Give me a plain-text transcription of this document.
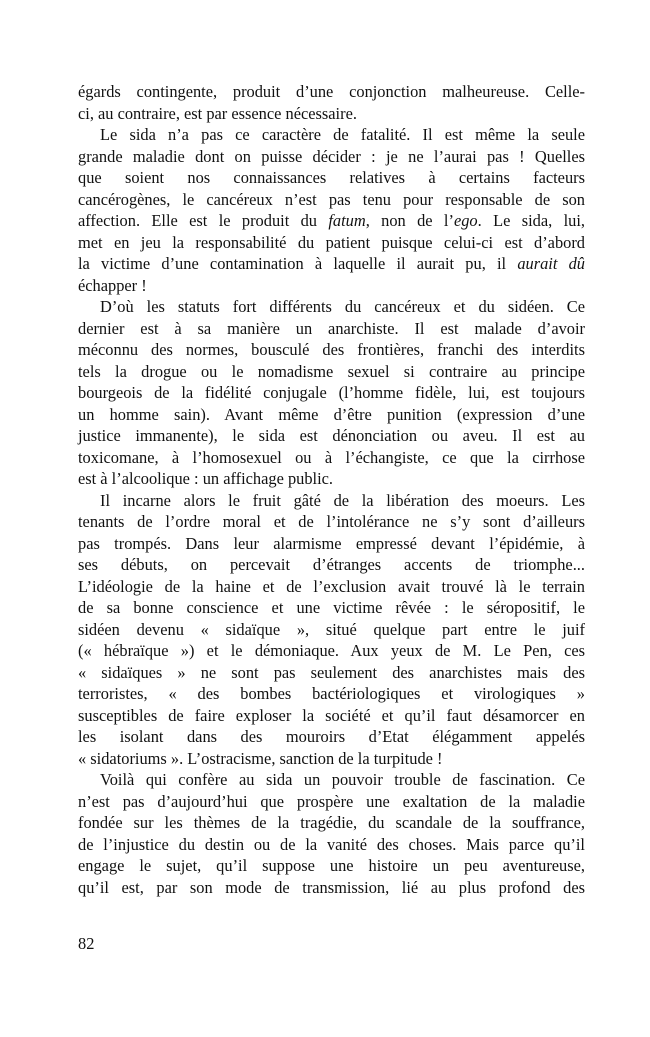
égards contingente, produit d’une conjonction malheureuse. Celle-
ci, au contraire, est par essence nécessaire.
Le sida n’a pas ce caractère de fatalité. Il est même la seule
grande maladie dont on puisse décider : je ne l’aurai pas ! Quelles
que soient nos connaissances relatives à certains facteurs
cancérogènes, le cancéreux n’est pas tenu pour responsable de son
affection. Elle est le produit du fatum, non de l’ego. Le sida, lui,
met en jeu la responsabilité du patient puisque celui-ci est d’abord
la victime d’une contamination à laquelle il aurait pu, il aurait dû
échapper !
D’où les statuts fort différents du cancéreux et du sidéen. Ce
dernier est à sa manière un anarchiste. Il est malade d’avoir
méconnu des normes, bousculé des frontières, franchi des interdits
tels la drogue ou le nomadisme sexuel si contraire au principe
bourgeois de la fidélité conjugale (l’homme fidèle, lui, est toujours
un homme sain). Avant même d’être punition (expression d’une
justice immanente), le sida est dénonciation ou aveu. Il est au
toxicomane, à l’homosexuel ou à l’échangiste, ce que la cirrhose
est à l’alcoolique : un affichage public.
Il incarne alors le fruit gâté de la libération des moeurs. Les
tenants de l’ordre moral et de l’intolérance ne s’y sont d’ailleurs
pas trompés. Dans leur alarmisme empressé devant l’épidémie, à
ses débuts, on percevait d’étranges accents de triomphe...
L’idéologie de la haine et de l’exclusion avait trouvé là le terrain
de sa bonne conscience et une victime rêvée : le séropositif, le
sidéen devenu « sidaïque », situé quelque part entre le juif
(« hébraïque ») et le démoniaque. Aux yeux de M. Le Pen, ces
« sidaïques » ne sont pas seulement des anarchistes mais des
terroristes, « des bombes bactériologiques et virologiques »
susceptibles de faire exploser la société et qu’il faut désamorcer en
les isolant dans des mouroirs d’Etat élégamment appelés
« sidatoriums ». L’ostracisme, sanction de la turpitude !
Voilà qui confère au sida un pouvoir trouble de fascination. Ce
n’est pas d’aujourd’hui que prospère une exaltation de la maladie
fondée sur les thèmes de la tragédie, du scandale de la souffrance,
de l’injustice du destin ou de la vanité des choses. Mais parce qu’il
engage le sujet, qu’il suppose une histoire un peu aventureuse,
qu’il est, par son mode de transmission, lié au plus profond des
82
